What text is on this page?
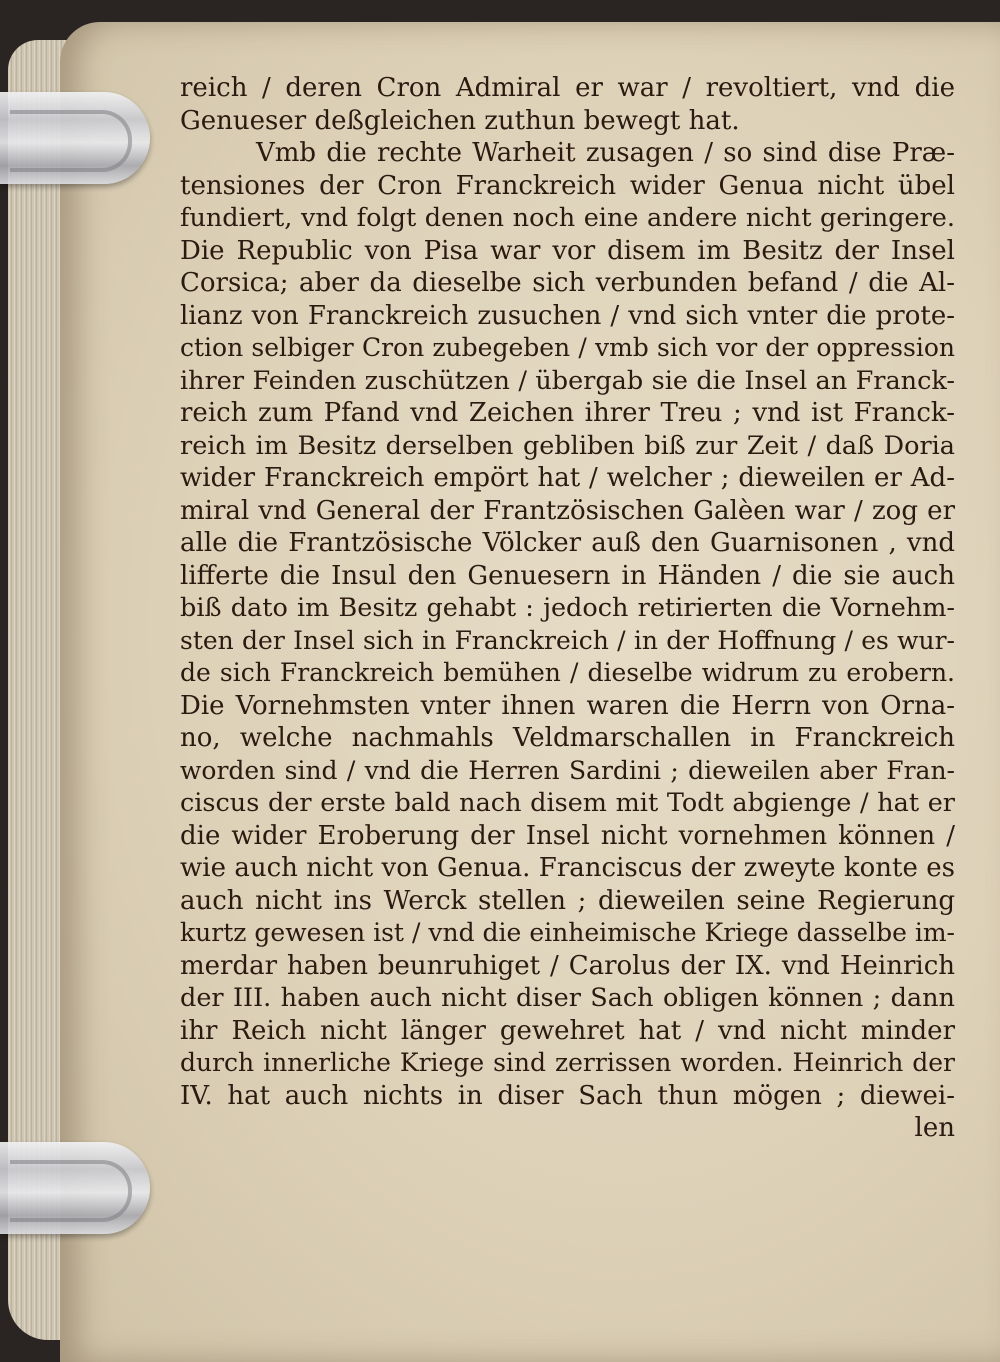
reich / deren Cron Admiral er war / revoltiert, vnd die
Genueser deßgleichen zuthun bewegt hat.
Vmb die rechte Warheit zusagen / so sind dise Præ-
tensiones der Cron Franckreich wider Genua nicht übel
fundiert, vnd folgt denen noch eine andere nicht geringere.
Die Republic von Pisa war vor disem im Besitz der Insel
Corsica; aber da dieselbe sich verbunden befand / die Al-
lianz von Franckreich zusuchen / vnd sich vnter die prote-
ction selbiger Cron zubegeben / vmb sich vor der oppression
ihrer Feinden zuschützen / übergab sie die Insel an Franck-
reich zum Pfand vnd Zeichen ihrer Treu ; vnd ist Franck-
reich im Besitz derselben gebliben biß zur Zeit / daß Doria
wider Franckreich empört hat / welcher ; dieweilen er Ad-
miral vnd General der Frantzösischen Galèen war / zog er
alle die Frantzösische Völcker auß den Guarnisonen , vnd
lifferte die Insul den Genuesern in Händen / die sie auch
biß dato im Besitz gehabt : jedoch retirierten die Vornehm-
sten der Insel sich in Franckreich / in der Hoffnung / es wur-
de sich Franckreich bemühen / dieselbe widrum zu erobern.
Die Vornehmsten vnter ihnen waren die Herrn von Orna-
no, welche nachmahls Veldmarschallen in Franckreich
worden sind / vnd die Herren Sardini ; dieweilen aber Fran-
ciscus der erste bald nach disem mit Todt abgienge / hat er
die wider Eroberung der Insel nicht vornehmen können /
wie auch nicht von Genua. Franciscus der zweyte konte es
auch nicht ins Werck stellen ; dieweilen seine Regierung
kurtz gewesen ist / vnd die einheimische Kriege dasselbe im-
merdar haben beunruhiget / Carolus der IX. vnd Heinrich
der III. haben auch nicht diser Sach obligen können ; dann
ihr Reich nicht länger gewehret hat / vnd nicht minder
durch innerliche Kriege sind zerrissen worden. Heinrich der
IV. hat auch nichts in diser Sach thun mögen ; diewei-
len
